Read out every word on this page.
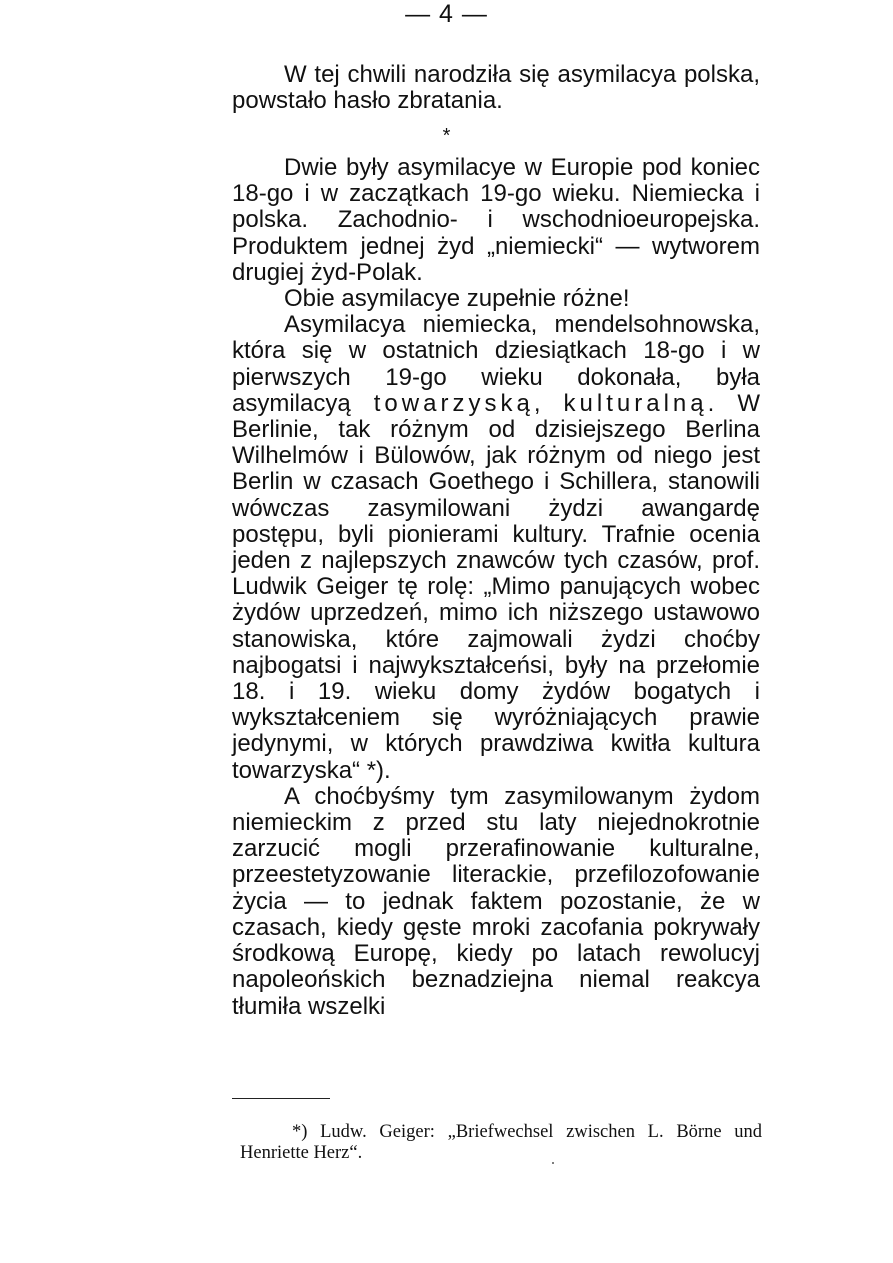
— 4 —

W tej chwili narodziła się asymilacya polska, powstało hasło zbratania.

*

Dwie były asymilacye w Europie pod koniec 18-go i w zaczątkach 19-go wieku. Niemiecka i polska. Zachodnio- i wschodnioeuropejska. Produktem jednej żyd „niemiecki“ — wytworem drugiej żyd-Polak.

Obie asymilacye zupełnie różne!

Asymilacya niemiecka, mendelsohnowska, która się w ostatnich dziesiątkach 18-go i w pierwszych 19-go wieku dokonała, była asymilacyą towarzyską, kulturalną. W Berlinie, tak różnym od dzisiejszego Berlina Wilhelmów i Bülowów, jak różnym od niego jest Berlin w czasach Goethego i Schillera, stanowili wówczas zasymilowani żydzi awangardę postępu, byli pionierami kultury. Trafnie ocenia jeden z najlepszych znawców tych czasów, prof. Ludwik Geiger tę rolę: „Mimo panujących wobec żydów uprzedzeń, mimo ich niższego ustawowo stanowiska, które zajmowali żydzi choćby najbogatsi i najwykształceńsi, były na przełomie 18. i 19. wieku domy żydów bogatych i wykształceniem się wyróżniających prawie jedynymi, w których prawdziwa kwitła kultura towarzyska“ *).

A choćbyśmy tym zasymilowanym żydom niemieckim z przed stu laty niejednokrotnie zarzucić mogli przerafinowanie kulturalne, przeestetyzowanie literackie, przefilozofowanie życia — to jednak faktem pozostanie, że w czasach, kiedy gęste mroki zacofania pokrywały środkową Europę, kiedy po latach rewolucyj napoleońskich beznadziejna niemal reakcya tłumiła wszelki

*) Ludw. Geiger: „Briefwechsel zwischen L. Börne und Henriette Herz“.
